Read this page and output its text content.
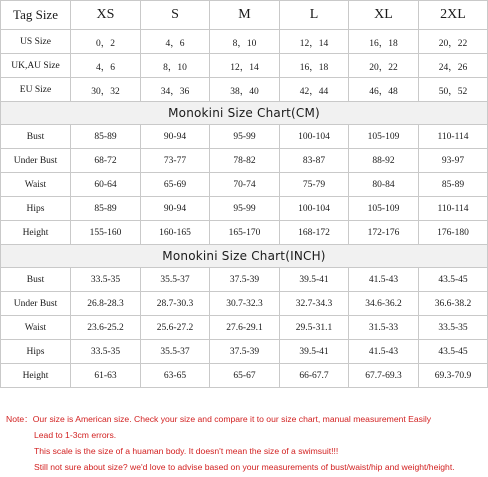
Tag Size	XS	S	M	L	XL	2XL
US Size	0，2	4，6	8，10	12，14	16，18	20，22
UK,AU Size	4，6	8，10	12，14	16，18	20，22	24，26
EU Size	30，32	34，36	38，40	42，44	46，48	50，52
Monokini Size Chart(CM)						
Bust	85-89	90-94	95-99	100-104	105-109	110-114
Under Bust	68-72	73-77	78-82	83-87	88-92	93-97
Waist	60-64	65-69	70-74	75-79	80-84	85-89
Hips	85-89	90-94	95-99	100-104	105-109	110-114
Height	155-160	160-165	165-170	168-172	172-176	176-180
Monokini Size Chart(INCH)						
Bust	33.5-35	35.5-37	37.5-39	39.5-41	41.5-43	43.5-45
Under Bust	26.8-28.3	28.7-30.3	30.7-32.3	32.7-34.3	34.6-36.2	36.6-38.2
Waist	23.6-25.2	25.6-27.2	27.6-29.1	29.5-31.1	31.5-33	33.5-35
Hips	33.5-35	35.5-37	37.5-39	39.5-41	41.5-43	43.5-45
Height	61-63	63-65	65-67	66-67.7	67.7-69.3	69.3-70.9
Note：Our size is American size. Check your size and compare it to our size chart, manual measurement Easily
Lead to 1-3cm errors.
This scale is the size of a huaman body. It doesn't mean the size of a swimsuit!!!
Still not sure about size? we'd love to advise based on your measurements of bust/waist/hip and weight/height.
